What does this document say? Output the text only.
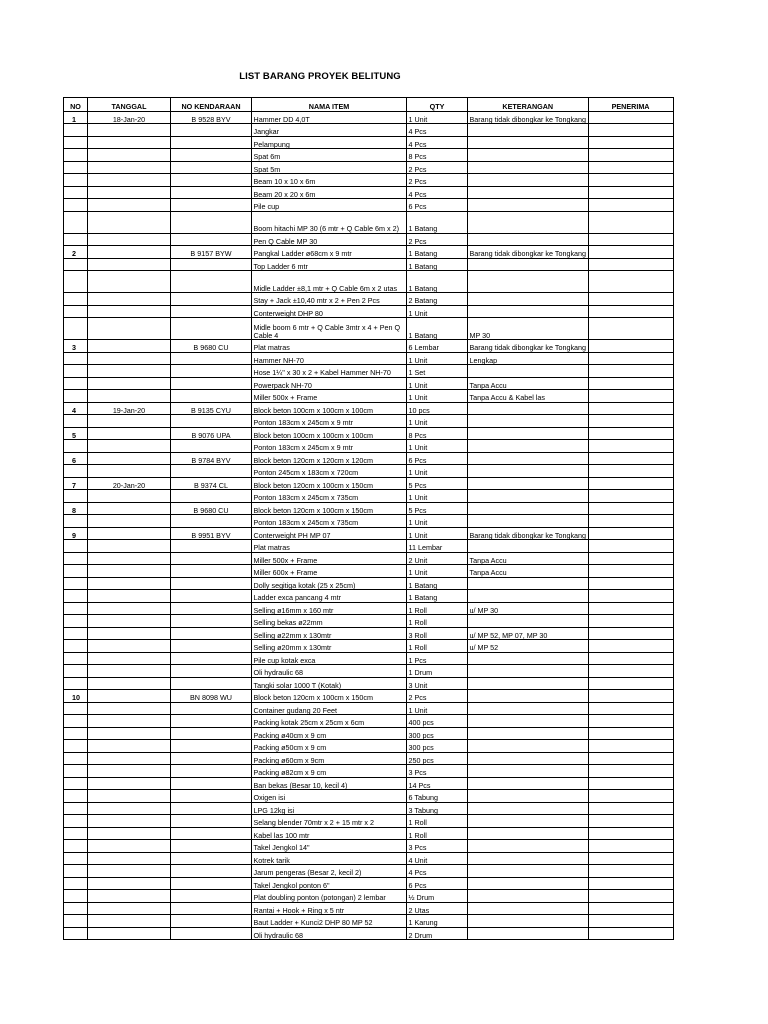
LIST BARANG PROYEK BELITUNG
NO	TANGGAL	NO KENDARAAN	NAMA ITEM	QTY	KETERANGAN	PENERIMA
1	18-Jan-20	B 9528 BYV	Hammer DD 4,0T	1 Unit	Barang tidak dibongkar ke Tongkang	
			Jangkar	4 Pcs		
			Pelampung	4 Pcs		
			Spat 6m	8 Pcs		
			Spat 5m	2 Pcs		
			Beam 10 x 10 x 6m	2 Pcs		
			Beam 20 x 20 x 6m	4 Pcs		
			Pile cup	6 Pcs		
			Boom hitachi MP 30 (6 mtr + Q Cable 6m x 2)	1 Batang		
			Pen Q Cable MP 30	2 Pcs		
2		B 9157 BYW	Pangkal Ladder ø68cm x 9 mtr	1 Batang	Barang tidak dibongkar ke Tongkang	
			Top Ladder 6 mtr	1 Batang		
			Midle Ladder ±8,1 mtr + Q Cable 6m x 2 utas	1 Batang		
			Stay + Jack ±10,40 mtr x 2 + Pen 2 Pcs	2 Batang		
			Conterweight DHP 80	1 Unit		
			Midle boom 6 mtr + Q Cable 3mtr x 4 + Pen Q Cable 4	1 Batang	MP 30	
3		B 9680 CU	Plat matras	6 Lembar	Barang tidak dibongkar ke Tongkang	
			Hammer NH-70	1 Unit	Lengkap	
			Hose 1¼" x 30 x 2 + Kabel Hammer NH-70	1 Set		
			Powerpack NH-70	1 Unit	Tanpa Accu	
			Miller 500x + Frame	1 Unit	Tanpa Accu & Kabel las	
4	19-Jan-20	B 9135 CYU	Block beton 100cm x 100cm x 100cm	10 pcs		
			Ponton 183cm x 245cm x 9 mtr	1 Unit		
5		B 9076 UPA	Block beton 100cm x 100cm x 100cm	8 Pcs		
			Ponton 183cm x 245cm x 9 mtr	1 Unit		
6		B 9784 BYV	Block beton 120cm x 120cm x 120cm	6 Pcs		
			Ponton 245cm x 183cm x 720cm	1 Unit		
7	20-Jan-20	B 9374 CL	Block beton 120cm x 100cm x 150cm	5 Pcs		
			Ponton 183cm x 245cm x 735cm	1 Unit		
8		B 9680 CU	Block beton 120cm x 100cm x 150cm	5 Pcs		
			Ponton 183cm x 245cm x 735cm	1 Unit		
9		B 9951 BYV	Conterweight PH MP 07	1 Unit	Barang tidak dibongkar ke Tongkang	
			Plat matras	11 Lembar		
			Miller 500x + Frame	2 Unit	Tanpa Accu	
			Miller 600x + Frame	1 Unit	Tanpa Accu	
			Dolly segitiga kotak (25 x 25cm)	1 Batang		
			Ladder exca pancang 4 mtr	1 Batang		
			Selling ø16mm x 160 mtr	1 Roll	u/ MP 30	
			Selling bekas ø22mm	1 Roll		
			Selling ø22mm x 130mtr	3 Roll	u/ MP 52, MP 07, MP 30	
			Selling ø20mm x 130mtr	1 Roll	u/ MP 52	
			Pile cup kotak exca	1 Pcs		
			Oli hydraulic 68	1 Drum		
			Tangki solar 1000 T (Kotak)	3 Unit		
10		BN 8098 WU	Block beton 120cm x 100cm x 150cm	2 Pcs		
			Container gudang 20 Feet	1 Unit		
			Packing kotak 25cm x 25cm x 6cm	400 pcs		
			Packing ø40cm x 9 cm	300 pcs		
			Packing ø50cm x 9 cm	300 pcs		
			Packing ø60cm x 9cm	250 pcs		
			Packing ø82cm x 9 cm	3 Pcs		
			Ban bekas (Besar 10, kecil 4)	14 Pcs		
			Oxigen isi	6 Tabung		
			LPG 12kg isi	3 Tabung		
			Selang blender 70mtr x 2 + 15 mtr x 2	1 Roll		
			Kabel las 100 mtr	1 Roll		
			Takel Jengkol 14"	3 Pcs		
			Kotrek tarik	4 Unit		
			Jarum pengeras (Besar 2, kecil 2)	4 Pcs		
			Takel Jengkol ponton 6"	6 Pcs		
			Plat doubling ponton (potongan) 2 lembar	½ Drum		
			Rantai + Hook + Ring x 5 ntr	2 Utas		
			Baut Ladder + Kunci2 DHP 80 MP 52	1 Karung		
			Oli hydraulic 68	2 Drum		
